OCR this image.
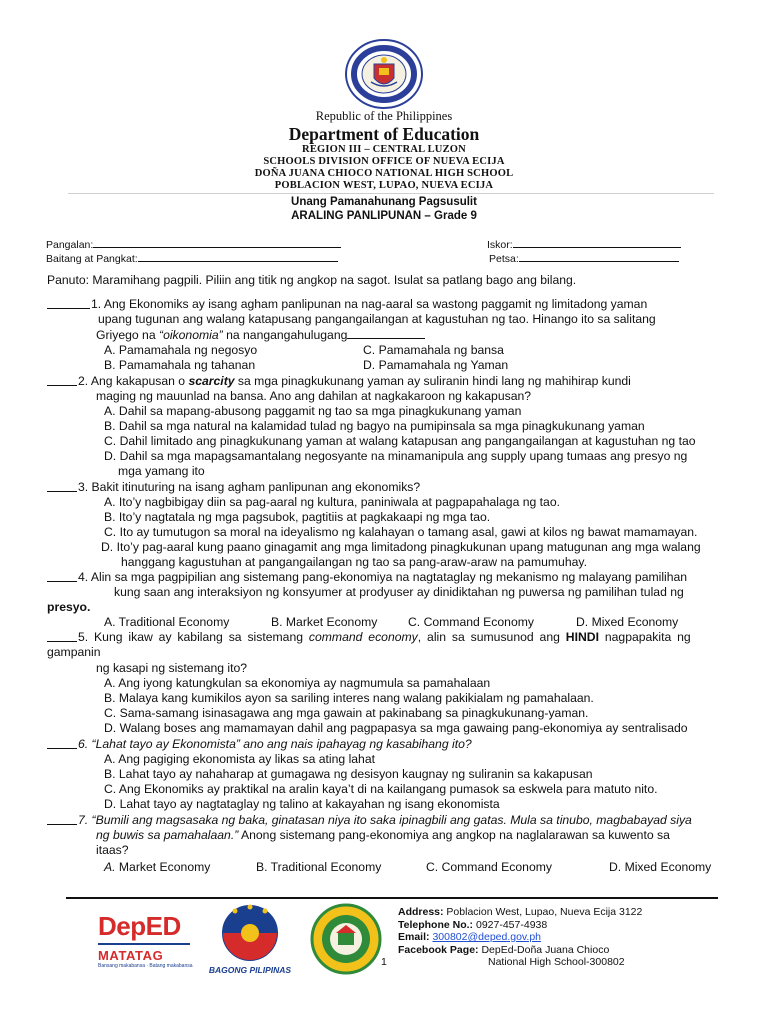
Republic of the Philippines
Department of Education
REGION III – CENTRAL LUZON
SCHOOLS DIVISION OFFICE OF NUEVA ECIJA
DOÑA JUANA CHIOCO NATIONAL HIGH SCHOOL
POBLACION WEST, LUPAO, NUEVA ECIJA
Unang Pamanahunang Pagsusulit
ARALING PANLIPUNAN – Grade 9
Pangalan:
Baitang at Pangkat:
Iskor:
Petsa:
Panuto: Maramihang pagpili. Piliin ang titik ng angkop na sagot. Isulat sa patlang bago ang bilang.
1. Ang Ekonomiks ay isang agham panlipunan na nag-aaral sa wastong paggamit ng limitadong yaman
upang tugunan ang walang katapusang pangangailangan at kagustuhan ng tao. Hinango ito sa salitang
Griyego na “oikonomia” na nangangahulugang
A. Pamamahala ng negosyo
B. Pamamahala ng tahanan
C. Pamamahala ng bansa
D. Pamamahala ng Yaman
2. Ang kakapusan o scarcity sa mga pinagkukunang yaman ay suliranin hindi lang ng mahihirap kundi
maging ng mauunlad na bansa. Ano ang dahilan at nagkakaroon ng kakapusan?
A. Dahil sa mapang-abusong paggamit ng tao sa mga pinagkukunang yaman
B. Dahil sa mga natural na kalamidad tulad ng bagyo na pumipinsala sa mga pinagkukunang yaman
C. Dahil limitado ang pinagkukunang yaman at walang katapusan ang pangangailangan at kagustuhan ng tao
D. Dahil sa mga mapagsamantalang negosyante na minamanipula ang supply upang tumaas ang presyo ng
mga yamang ito
3. Bakit itinuturing na isang agham panlipunan ang ekonomiks?
A. Ito’y nagbibigay diin sa pag-aaral ng kultura, paniniwala at pagpapahalaga ng tao.
B. Ito’y nagtatala ng mga pagsubok, pagtitiis at pagkakaapi ng mga tao.
C. Ito ay tumutugon sa moral na ideyalismo ng kalahayan o tamang asal, gawi at kilos ng bawat mamamayan.
D. Ito’y pag-aaral kung paano ginagamit ang mga limitadong pinagkukunan upang matugunan ang mga walang
hanggang kagustuhan at pangangailangan ng tao sa pang-araw-araw na pamumuhay.
4. Alin sa mga pagpipilian ang sistemang pang-ekonomiya na nagtataglay ng mekanismo ng malayang pamilihan
kung saan ang interaksiyon ng konsyumer at prodyuser ay dinidiktahan ng puwersa ng pamilihan tulad ng
presyo.
A. Traditional Economy	B. Market Economy	C. Command Economy	D. Mixed Economy
5. Kung ikaw ay kabilang sa sistemang command economy, alin sa sumusunod ang HINDI nagpapakita ng
gampanin
ng kasapi ng sistemang ito?
A. Ang iyong katungkulan sa ekonomiya ay nagmumula sa pamahalaan
B. Malaya kang kumikilos ayon sa sariling interes nang walang pakikialam ng pamahalaan.
C. Sama-samang isinasagawa ang mga gawain at pakinabang sa pinagkukunang-yaman.
D. Walang boses ang mamamayan dahil ang pagpapasya sa mga gawaing pang-ekonomiya ay sentralisado
6. “Lahat tayo ay Ekonomista” ano ang nais ipahayag ng kasabihang ito?
A. Ang pagiging ekonomista ay likas sa ating lahat
B. Lahat tayo ay nahaharap at gumagawa ng desisyon kaugnay ng suliranin sa kakapusan
C. Ang Ekonomiks ay praktikal na aralin kaya’t di na kailangang pumasok sa eskwela para matuto nito.
D. Lahat tayo ay nagtataglay ng talino at kakayahan ng isang ekonomista
7. “Bumili ang magsasaka ng baka, ginatasan niya ito saka ipinagbili ang gatas. Mula sa tinubo, magbabayad siya
ng buwis sa pamahalaan.” Anong sistemang pang-ekonomiya ang angkop na naglalarawan sa kuwento sa
itaas?
A. Market Economy	B. Traditional Economy	C. Command Economy	D. Mixed Economy
DepED
MATATAG
Bansang makabansa · Batang makabansa	BAGONG PILIPINAS
Address: Poblacion West, Lupao, Nueva Ecija 3122
Telephone No.: 0927-457-4938
Email: 300802@deped.gov.ph
Facebook Page: DepEd-Doña Juana Chioco
National High School-300802
1
